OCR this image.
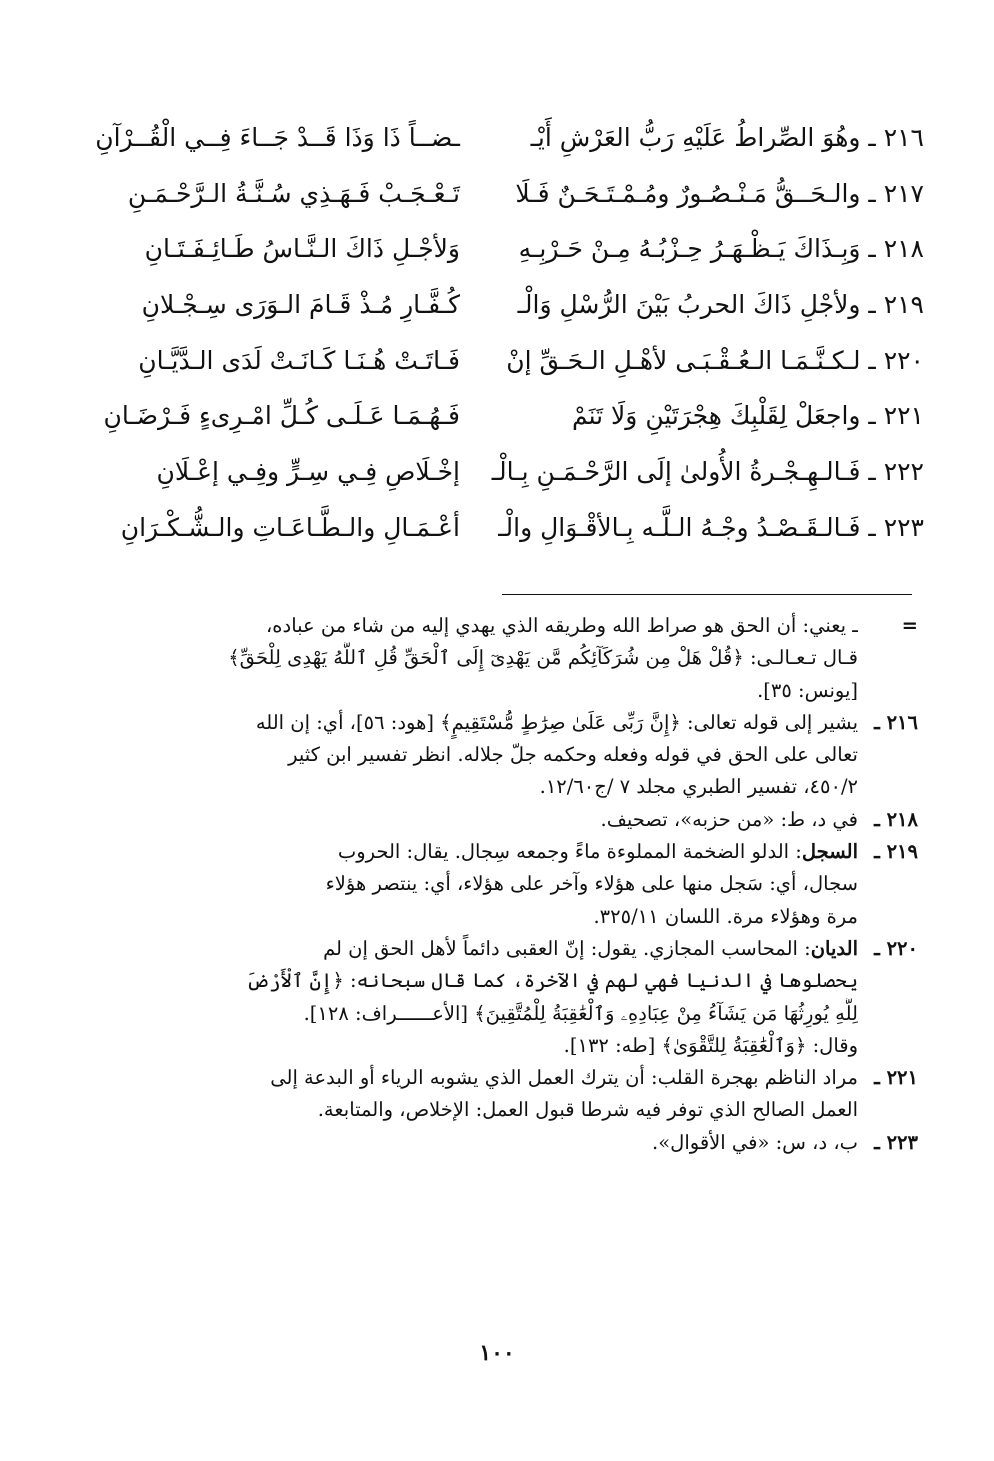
٢١٦ ـ وهُوَ الصِّراطُ عَلَيْهِ رَبُّ العَرْشِ أَيْـ
ـضــاً ذَا وَذَا قَــدْ جَــاءَ فِــي الْقُــرْآنِ
٢١٧ ـ والـحَــقُّ مَـنْـصُـورٌ ومُـمْـتَـحَـنٌ فَـلَا
تَـعْـجَـبْ فَـهَـذِي سُـنَّـةُ الـرَّحْـمَـنِ
٢١٨ ـ وَبِـذَاكَ يَـظْـهَـرُ حِـزْبُـهُ مِـنْ حَـرْبِـهِ
وَلأجْـلِ ذَاكَ الـنَّـاسُ طَـائِـفَـتَـانِ
٢١٩ ـ ولأجْلِ ذَاكَ الحربُ بَيْنَ الرُّسْلِ وَالْـ
كُـفَّـارِ مُـذْ قَـامَ الـوَرَى سِـجْـلانِ
٢٢٠ ـ لـكـنَّـمَـا الـعُـقْـبَـى لأهْـلِ الـحَـقِّ إنْ
فَـاتَـتْ هُـنَـا كَـانَـتْ لَدَى الـدَّيَّـانِ
٢٢١ ـ واجعَلْ لِقَلْبِكَ هِجْرَتَيْنِ وَلَا تَنَمْ
فَـهُـمَـا عَـلَـى كُـلِّ امْـرِىءٍ فَـرْضَـانِ
٢٢٢ ـ فَـالـهِـجْـرةُ الأُولىٰ إلَى الرَّحْـمَـنِ بِـالْـ
إخْـلَاصِ فِـي سِـرٍّ وفِـي إعْـلَانِ
٢٢٣ ـ فَـالـقَـصْـدُ وجْـهُ الـلَّـه بِـالأقْـوَالِ والْـ
أعْـمَـالِ والـطَّـاعَـاتِ والـشُّـكْـرَانِ
=
ـ يعني: أن الحق هو صراط الله وطريقه الذي يهدي إليه من شاء من عباده،
قـال تـعـالـى: ﴿قُلْ هَلْ مِن شُرَكَآئِكُم مَّن يَهْدِىٓ إِلَى ٱلْحَقِّ قُلِ ٱللَّهُ يَهْدِى لِلْحَقِّ﴾
[يونس: ٣٥].
٢١٦ ـ
يشير إلى قوله تعالى: ﴿إِنَّ رَبِّى عَلَىٰ صِرَٰطٍ مُّسْتَقِيمٍ﴾ [هود: ٥٦]، أي: إن الله
تعالى على الحق في قوله وفعله وحكمه جلّ جلاله. انظر تفسير ابن كثير
٤٥٠/٢، تفسير الطبري مجلد ٧ /ج١٢/٦٠.
٢١٨ ـ
في د، ط: «من حزبه»، تصحيف.
٢١٩ ـ
السجل: الدلو الضخمة المملوءة ماءً وجمعه سِجال. يقال: الحروب
سجال، أي: سَجل منها على هؤلاء وآخر على هؤلاء، أي: ينتصر هؤلاء
مرة وهؤلاء مرة. اللسان ٣٢٥/١١.
٢٢٠ ـ
الديان: المحاسب المجازي. يقول: إنّ العقبى دائماً لأهل الحق إن لم
يحصلوها في الدنيا فهي لهم في الآخرة، كما قال سبحانه: ﴿إِنَّ ٱلْأَرْضَ
لِلَّهِ يُورِثُهَا مَن يَشَآءُ مِنْ عِبَادِهِۦ وَٱلْعَٰقِبَةُ لِلْمُتَّقِينَ﴾ [الأعــــــراف: ١٢٨].
وقال: ﴿وَٱلْعَٰقِبَةُ لِلتَّقْوَىٰ﴾ [طه: ١٣٢].
٢٢١ ـ
مراد الناظم بهجرة القلب: أن يترك العمل الذي يشوبه الرياء أو البدعة إلى
العمل الصالح الذي توفر فيه شرطا قبول العمل: الإخلاص، والمتابعة.
٢٢٣ ـ
ب، د، س: «في الأقوال».
١٠٠
